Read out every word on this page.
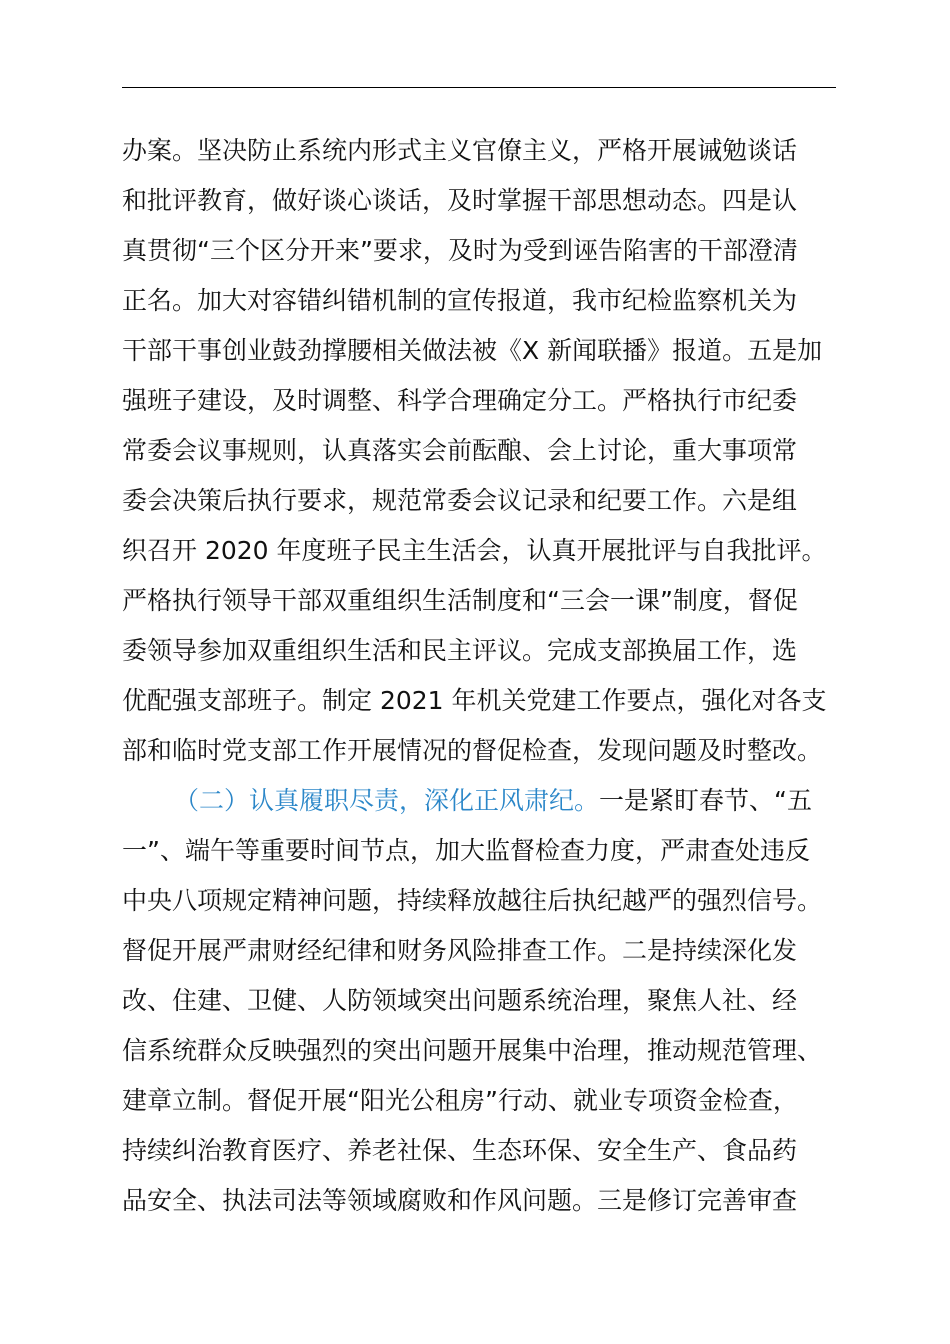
办案。坚决防止系统内形式主义官僚主义，严格开展诫勉谈话
和批评教育，做好谈心谈话，及时掌握干部思想动态。四是认
真贯彻“三个区分开来”要求，及时为受到诬告陷害的干部澄清
正名。加大对容错纠错机制的宣传报道，我市纪检监察机关为
干部干事创业鼓劲撑腰相关做法被《X 新闻联播》报道。五是加
强班子建设，及时调整、科学合理确定分工。严格执行市纪委
常委会议事规则，认真落实会前酝酿、会上讨论，重大事项常
委会决策后执行要求，规范常委会议记录和纪要工作。六是组
织召开 2020 年度班子民主生活会，认真开展批评与自我批评。
严格执行领导干部双重组织生活制度和“三会一课”制度，督促
委领导参加双重组织生活和民主评议。完成支部换届工作，选
优配强支部班子。制定 2021 年机关党建工作要点，强化对各支
部和临时党支部工作开展情况的督促检查，发现问题及时整改。
（二）认真履职尽责，深化正风肃纪。一是紧盯春节、“五
一”、端午等重要时间节点，加大监督检查力度，严肃查处违反
中央八项规定精神问题，持续释放越往后执纪越严的强烈信号。
督促开展严肃财经纪律和财务风险排查工作。二是持续深化发
改、住建、卫健、人防领域突出问题系统治理，聚焦人社、经
信系统群众反映强烈的突出问题开展集中治理，推动规范管理、
建章立制。督促开展“阳光公租房”行动、就业专项资金检查，
持续纠治教育医疗、养老社保、生态环保、安全生产、食品药
品安全、执法司法等领域腐败和作风问题。三是修订完善审查
